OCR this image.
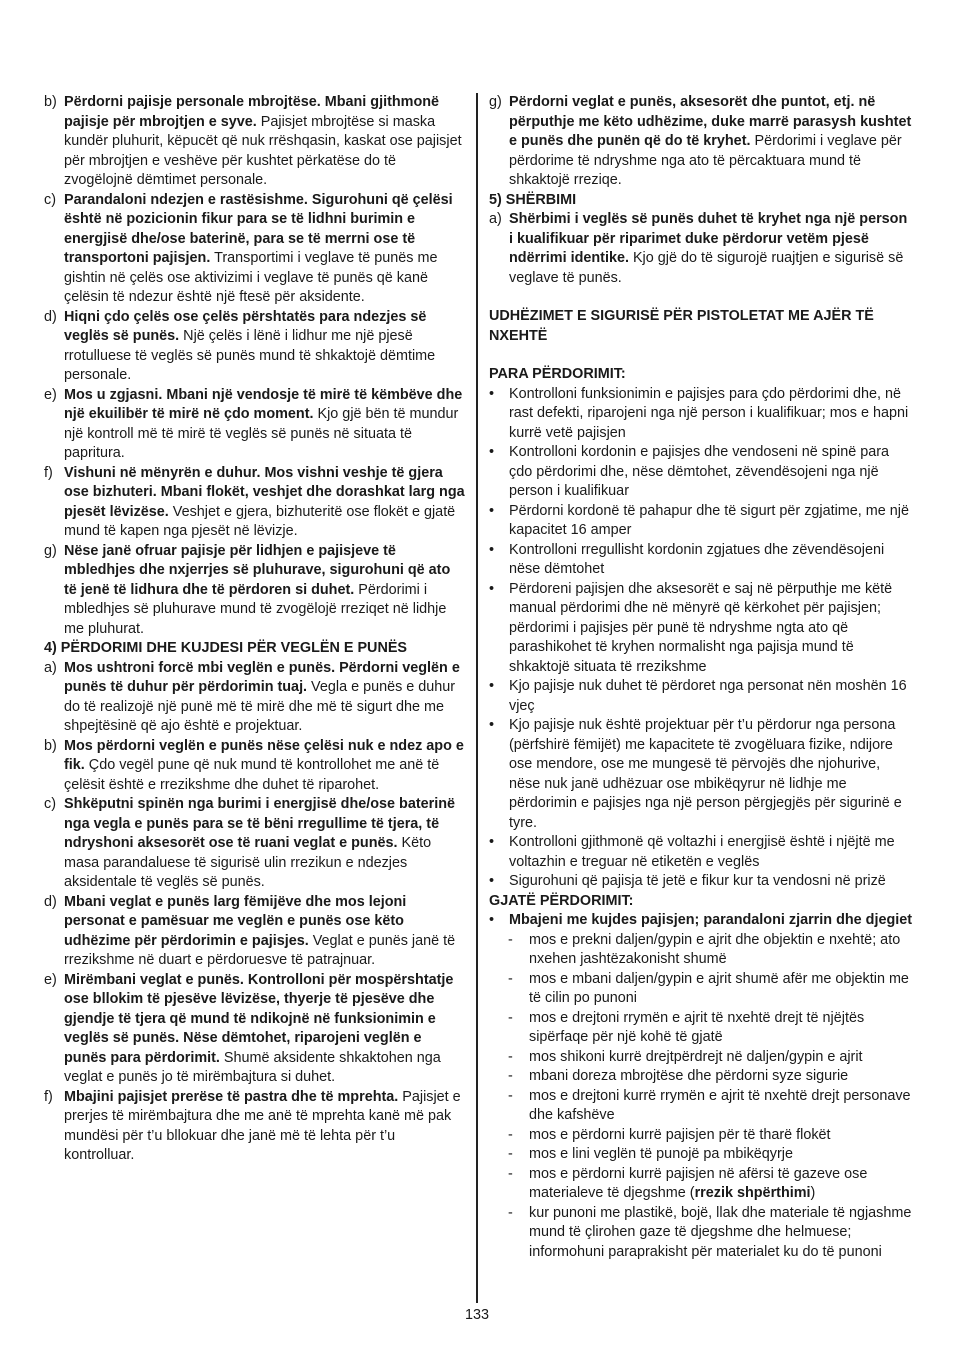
b) Përdorni pajisje personale mbrojtëse. Mbani gjithmonë pajisje për mbrojtjen e syve. Pajisjet mbrojtëse si maska kundër pluhurit, këpucët që nuk rrëshqasin, kaskat ose pajisjet për mbrojtjen e veshëve për kushtet përkatëse do të zvogëlojnë dëmtimet personale.
c) Parandaloni ndezjen e rastësishme. Sigurohuni që çelësi është në pozicionin fikur para se të lidhni burimin e energjisë dhe/ose baterinë, para se të merrni ose të transportoni pajisjen. Transportimi i veglave të punës me gishtin në çelës ose aktivizimi i veglave të punës që kanë çelësin të ndezur është një ftesë për aksidente.
d) Hiqni çdo çelës ose çelës përshtatës para ndezjes së veglës së punës. Një çelës i lënë i lidhur me një pjesë rrotulluese të veglës së punës mund të shkaktojë dëmtime personale.
e) Mos u zgjasni. Mbani një vendosje të mirë të këmbëve dhe një ekuilibër të mirë në çdo moment. Kjo gjë bën të mundur një kontroll më të mirë të veglës së punës në situata të papritura.
f) Vishuni në mënyrën e duhur. Mos vishni veshje të gjera ose bizhuteri. Mbani flokët, veshjet dhe dorashkat larg nga pjesët lëvizëse. Veshjet e gjera, bizhuteritë ose flokët e gjatë mund të kapen nga pjesët në lëvizje.
g) Nëse janë ofruar pajisje për lidhjen e pajisjeve të mbledhjes dhe nxjerrjes së pluhurave, sigurohuni që ato të jenë të lidhura dhe të përdoren si duhet. Përdorimi i mbledhjes së pluhurave mund të zvogëlojë rreziqet në lidhje me pluhurat.
4) PËRDORIMI DHE KUJDESI PËR VEGLËN E PUNËS
a) Mos ushtroni forcë mbi veglën e punës. Përdorni veglën e punës të duhur për përdorimin tuaj. Vegla e punës e duhur do të realizojë një punë më të mirë dhe më të sigurt dhe me shpejtësinë që ajo është e projektuar.
b) Mos përdorni veglën e punës nëse çelësi nuk e ndez apo e fik. Çdo vegël pune që nuk mund të kontrollohet me anë të çelësit është e rrezikshme dhe duhet të riparohet.
c) Shkëputni spinën nga burimi i energjisë dhe/ose baterinë nga vegla e punës para se të bëni rregullime të tjera, të ndryshoni aksesorët ose të ruani veglat e punës. Këto masa parandaluese të sigurisë ulin rrezikun e ndezjes aksidentale të veglës së punës.
d) Mbani veglat e punës larg fëmijëve dhe mos lejoni personat e pamësuar me veglën e punës ose këto udhëzime për përdorimin e pajisjes. Veglat e punës janë të rrezikshme në duart e përdoruesve të patrajnuar.
e) Mirëmbani veglat e punës. Kontrolloni për mospërshtatje ose bllokim të pjesëve lëvizëse, thyerje të pjesëve dhe gjendje të tjera që mund të ndikojnë në funksionimin e veglës së punës. Nëse dëmtohet, riparojeni veglën e punës para përdorimit. Shumë aksidente shkaktohen nga veglat e punës jo të mirëmbajtura si duhet.
f) Mbajini pajisjet prerëse të pastra dhe të mprehta. Pajisjet e prerjes të mirëmbajtura dhe me anë të mprehta kanë më pak mundësi për t’u bllokuar dhe janë më të lehta për t’u kontrolluar.
g) Përdorni veglat e punës, aksesorët dhe puntot, etj. në përputhje me këto udhëzime, duke marrë parasysh kushtet e punës dhe punën që do të kryhet. Përdorimi i veglave për përdorime të ndryshme nga ato të përcaktuara mund të shkaktojë rreziqe.
5) SHËRBIMI
a) Shërbimi i veglës së punës duhet të kryhet nga një person i kualifikuar për riparimet duke përdorur vetëm pjesë ndërrimi identike. Kjo gjë do të sigurojë ruajtjen e sigurisë së veglave të punës.
UDHËZIMET E SIGURISË PËR PISTOLETAT ME AJËR TË NXEHTË
PARA PËRDORIMIT:
• Kontrolloni funksionimin e pajisjes para çdo përdorimi dhe, në rast defekti, riparojeni nga një person i kualifikuar; mos e hapni kurrë vetë pajisjen
• Kontrolloni kordonin e pajisjes dhe vendoseni në spinë para çdo përdorimi dhe, nëse dëmtohet, zëvendësojeni nga një person i kualifikuar
• Përdorni kordonë të pahapur dhe të sigurt për zgjatime, me një kapacitet 16 amper
• Kontrolloni rregullisht kordonin zgjatues dhe zëvendësojeni nëse dëmtohet
• Përdoreni pajisjen dhe aksesorët e saj në përputhje me këtë manual përdorimi dhe në mënyrë që kërkohet për pajisjen; përdorimi i pajisjes për punë të ndryshme ngta ato që parashikohet të kryhen normalisht nga pajisja mund të shkaktojë situata të rrezikshme
• Kjo pajisje nuk duhet të përdoret nga personat nën moshën 16 vjeç
• Kjo pajisje nuk është projektuar për t’u përdorur nga persona (përfshirë fëmijët) me kapacitete të zvogëluara fizike, ndijore ose mendore, ose me mungesë të përvojës dhe njohurive, nëse nuk janë udhëzuar ose mbikëqyrur në lidhje me përdorimin e pajisjes nga një person përgjegjës për sigurinë e tyre.
• Kontrolloni gjithmonë që voltazhi i energjisë është i njëjtë me voltazhin e treguar në etiketën e veglës
• Sigurohuni që pajisja të jetë e fikur kur ta vendosni në prizë
GJATË PËRDORIMIT:
• Mbajeni me kujdes pajisjen; parandaloni zjarrin dhe djegiet
- mos e prekni daljen/gypin e ajrit dhe objektin e nxehtë; ato nxehen jashtëzakonisht shumë
- mos e mbani daljen/gypin e ajrit shumë afër me objektin me të cilin po punoni
- mos e drejtoni rrymën e ajrit të nxehtë drejt të njëjtës sipërfaqe për një kohë të gjatë
- mos shikoni kurrë drejtpërdrejt në daljen/gypin e ajrit
- mbani doreza mbrojtëse dhe përdorni syze sigurie
- mos e drejtoni kurrë rrymën e ajrit të nxehtë drejt personave dhe kafshëve
- mos e përdorni kurrë pajisjen për të tharë flokët
- mos e lini veglën të punojë pa mbikëqyrje
- mos e përdorni kurrë pajisjen në afërsi të gazeve ose materialeve të djegshme (rrezik shpërthimi)
- kur punoni me plastikë, bojë, llak dhe materiale të ngjashme mund të çlirohen gaze të djegshme dhe helmuese; informohuni paraprakisht për materialet ku do të punoni
133
